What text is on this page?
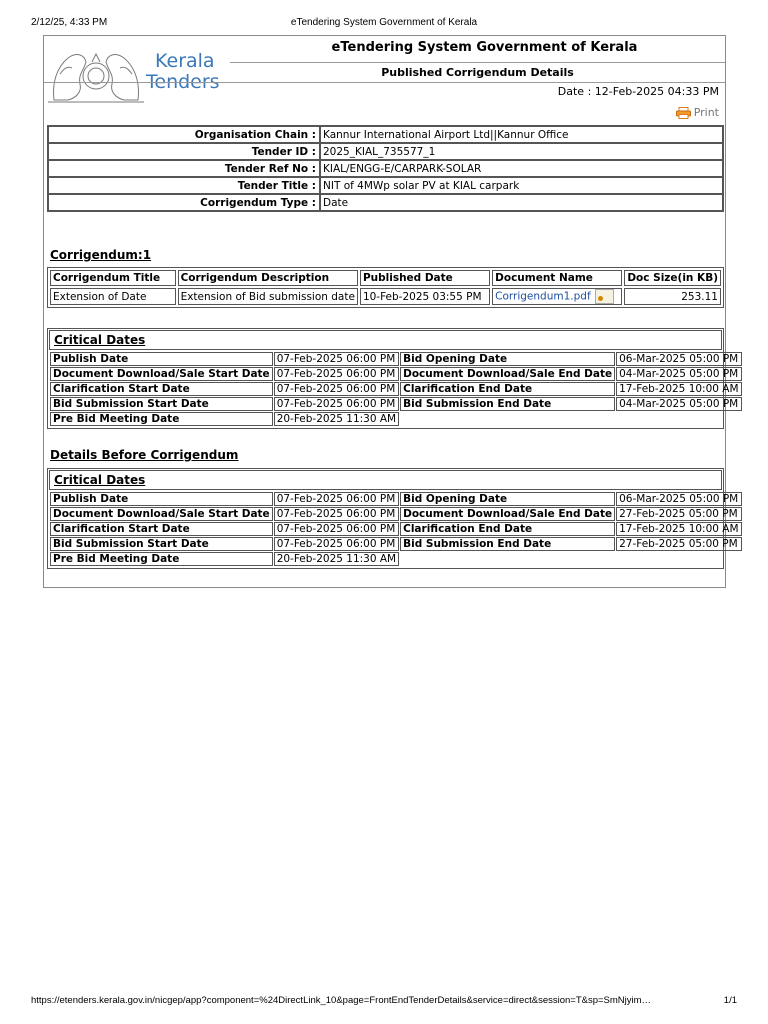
2/12/25, 4:33 PM	eTendering System Government of Kerala
Kerala
Tenders
eTendering System Government of Kerala
Published Corrigendum Details
Date : 12-Feb-2025 04:33 PM
Print
Organisation Chain :	Kannur International Airport Ltd||Kannur Office
Tender ID :	2025_KIAL_735577_1
Tender Ref No :	KIAL/ENGG-E/CARPARK-SOLAR
Tender Title :	NIT of 4MWp solar PV at KIAL carpark
Corrigendum Type :	Date
Corrigendum:1
Corrigendum Title	Corrigendum Description	Published Date	Document Name	Doc Size(in KB)
Extension of Date	Extension of Bid submission date	10-Feb-2025 03:55 PM	Corrigendum1.pdf	253.11
Critical Dates
Publish Date	07-Feb-2025 06:00 PM	Bid Opening Date	06-Mar-2025 05:00 PM
Document Download/Sale Start Date	07-Feb-2025 06:00 PM	Document Download/Sale End Date	04-Mar-2025 05:00 PM
Clarification Start Date	07-Feb-2025 06:00 PM	Clarification End Date	17-Feb-2025 10:00 AM
Bid Submission Start Date	07-Feb-2025 06:00 PM	Bid Submission End Date	04-Mar-2025 05:00 PM
Pre Bid Meeting Date	20-Feb-2025 11:30 AM		
Details Before Corrigendum
Critical Dates
Publish Date	07-Feb-2025 06:00 PM	Bid Opening Date	06-Mar-2025 05:00 PM
Document Download/Sale Start Date	07-Feb-2025 06:00 PM	Document Download/Sale End Date	27-Feb-2025 05:00 PM
Clarification Start Date	07-Feb-2025 06:00 PM	Clarification End Date	17-Feb-2025 10:00 AM
Bid Submission Start Date	07-Feb-2025 06:00 PM	Bid Submission End Date	27-Feb-2025 05:00 PM
Pre Bid Meeting Date	20-Feb-2025 11:30 AM		
https://etenders.kerala.gov.in/nicgep/app?component=%24DirectLink_10&page=FrontEndTenderDetails&service=direct&session=T&sp=SmNjyim…	1/1
